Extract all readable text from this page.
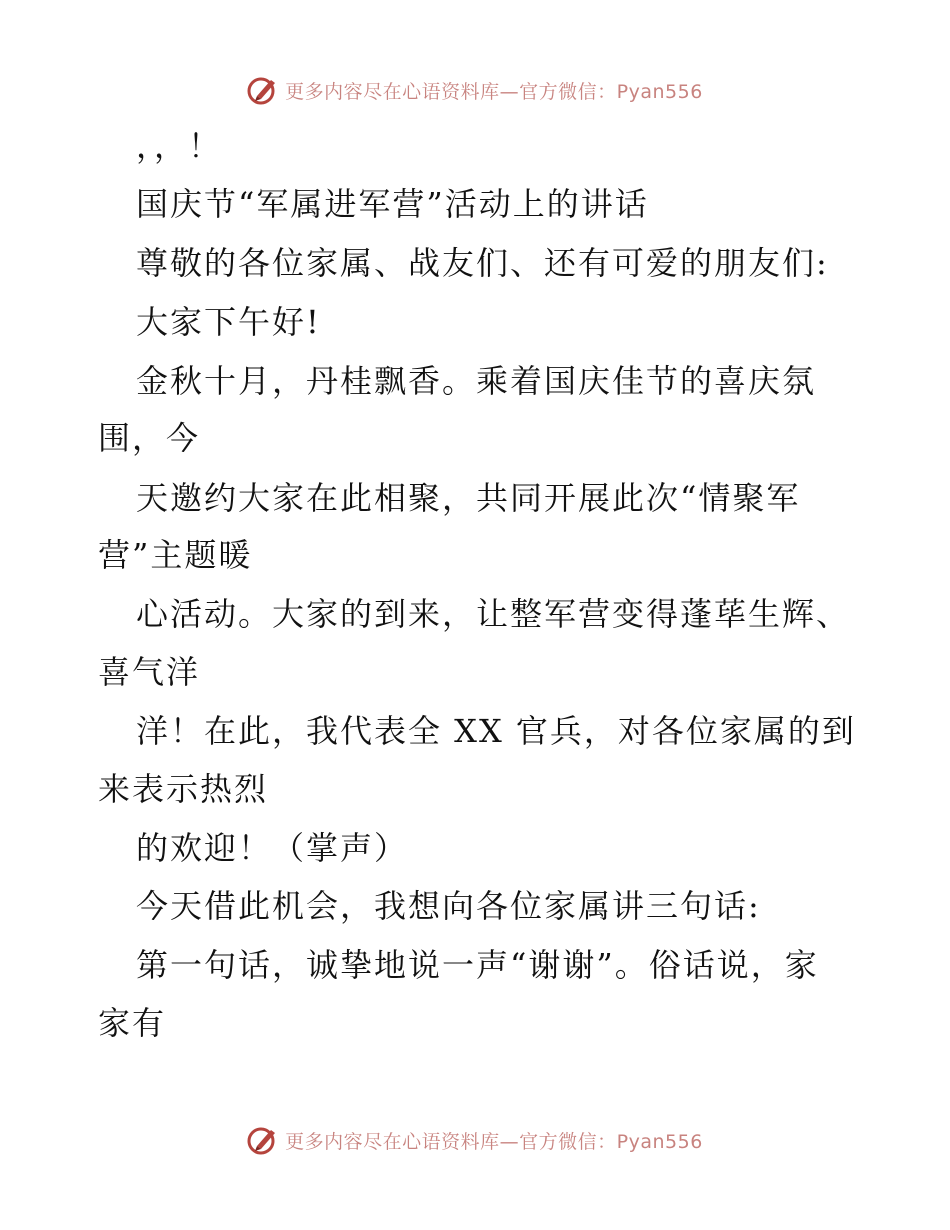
更多内容尽在心语资料库—官方微信：Pyan556
，，！
国庆节“军属进军营”活动上的讲话
尊敬的各位家属、战友们、还有可爱的朋友们:
大家下午好!
金秋十月，丹桂飘香。乘着国庆佳节的喜庆氛
围，今
天邀约大家在此相聚，共同开展此次“情聚军
营”主题暖
心活动。大家的到来，让整军营变得蓬荜生辉、
喜气洋
洋！在此，我代表全 XX 官兵，对各位家属的到
来表示热烈
的欢迎！（掌声）
今天借此机会，我想向各位家属讲三句话:
第一句话，诚挚地说一声“谢谢”。俗话说，家
家有
更多内容尽在心语资料库—官方微信：Pyan556
